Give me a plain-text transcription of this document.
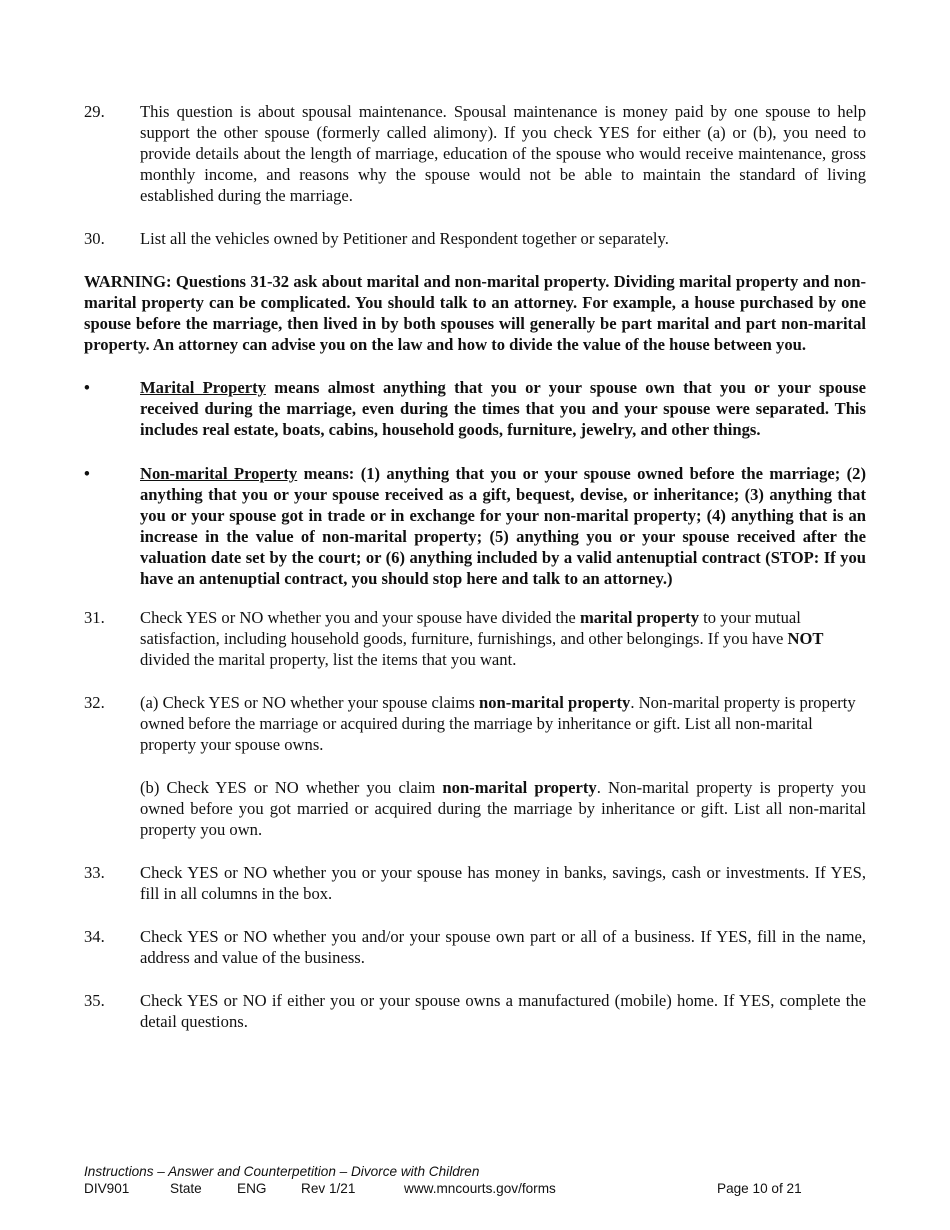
29.	This question is about spousal maintenance. Spousal maintenance is money paid by one spouse to help support the other spouse (formerly called alimony). If you check YES for either (a) or (b), you need to provide details about the length of marriage, education of the spouse who would receive maintenance, gross monthly income, and reasons why the spouse would not be able to maintain the standard of living established during the marriage.
30.	List all the vehicles owned by Petitioner and Respondent together or separately.
WARNING: Questions 31-32 ask about marital and non-marital property. Dividing marital property and non-marital property can be complicated. You should talk to an attorney. For example, a house purchased by one spouse before the marriage, then lived in by both spouses will generally be part marital and part non-marital property. An attorney can advise you on the law and how to divide the value of the house between you.
•	Marital Property means almost anything that you or your spouse own that you or your spouse received during the marriage, even during the times that you and your spouse were separated. This includes real estate, boats, cabins, household goods, furniture, jewelry, and other things.
•	Non-marital Property means: (1) anything that you or your spouse owned before the marriage; (2) anything that you or your spouse received as a gift, bequest, devise, or inheritance; (3) anything that you or your spouse got in trade or in exchange for your non-marital property; (4) anything that is an increase in the value of non-marital property; (5) anything you or your spouse received after the valuation date set by the court; or (6) anything included by a valid antenuptial contract (STOP: If you have an antenuptial contract, you should stop here and talk to an attorney.)
31.	Check YES or NO whether you and your spouse have divided the marital property to your mutual satisfaction, including household goods, furniture, furnishings, and other belongings. If you have NOT divided the marital property, list the items that you want.
32.	(a) Check YES or NO whether your spouse claims non-marital property. Non-marital property is property owned before the marriage or acquired during the marriage by inheritance or gift. List all non-marital property your spouse owns.
(b) Check YES or NO whether you claim non-marital property. Non-marital property is property you owned before you got married or acquired during the marriage by inheritance or gift. List all non-marital property you own.
33.	Check YES or NO whether you or your spouse has money in banks, savings, cash or investments. If YES, fill in all columns in the box.
34.	Check YES or NO whether you and/or your spouse own part or all of a business. If YES, fill in the name, address and value of the business.
35.	Check YES or NO if either you or your spouse owns a manufactured (mobile) home. If YES, complete the detail questions.
Instructions – Answer and Counterpetition – Divorce with Children
DIV901	State	ENG	Rev 1/21	www.mncourts.gov/forms	Page 10 of 21
